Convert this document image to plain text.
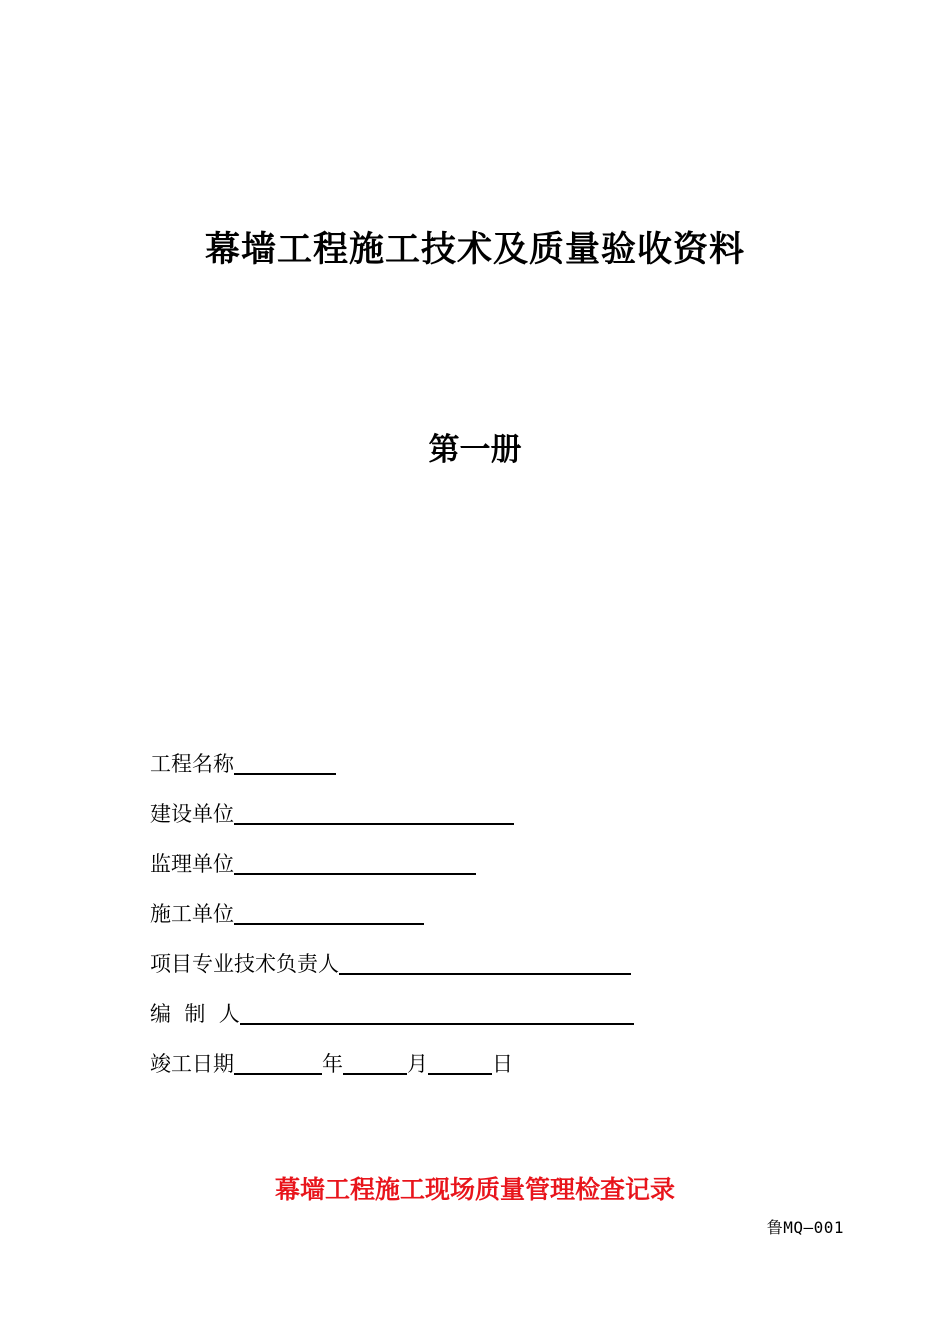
幕墙工程施工技术及质量验收资料
第一册
工程名称
建设单位
监理单位
施工单位
项目专业技术负责人
编  制  人
竣工日期	年	月	日
幕墙工程施工现场质量管理检查记录
鲁MQ—001
